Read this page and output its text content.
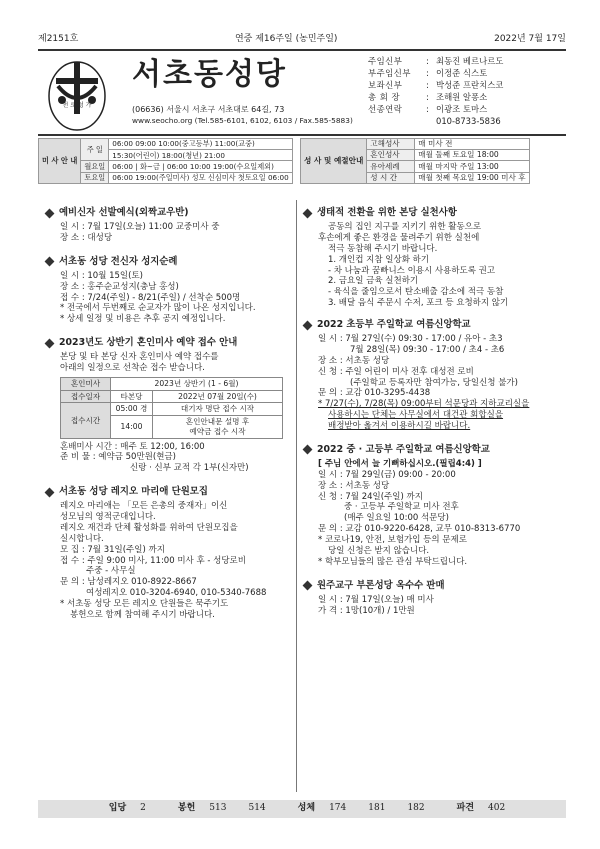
제2151호	연중 제16주일 (농민주일)	2022년 7월 17일
천 로 성 가
서초동성당
(06636) 서울시 서초구 서초대로 64길, 73
www.seocho.org (Tel.585-6101, 6102, 6103 / Fax.585-5883)
주임신부	: 최동진 베르나르도
부주임신부	: 이정준 식스토
보좌신부	: 박성준 프란치스코
총 회 장	: 조해원 알퐁소
선종연락	: 이광조 토마스
010-8733-5836
미 사 안 내	주 일	06:00 09:00 10:00(중고등부) 11:00(교중)
		15:30(어린이) 18:00(청년) 21:00
	월요일	06:00 | 화~금 | 06:00 10:00 19:00(수요일제외)
	토요일	06:00 19:00(주일미사) 성모 신심미사 첫토요일 06:00
성 사 및 예절안내	고해성사	매 미사 전
	혼인성사	매월 둘째 토요일 18:00
	유아세례	매월 마지막 주일 13:00
	성 시 간	매월 첫째 목요일 19:00 미사 후
예비신자 선발예식(외짝교우반)

일 시 : 7월 17일(오늘) 11:00 교중미사 중

장 소 : 대성당

서초동 성당 전신자 성지순례

일 시 : 10월 15일(토)

장 소 : 홍주순교성지(충남 홍성)

접 수 : 7/24(주일) - 8/21(주일) / 선착순 500명

* 전국에서 두번째로 순교자가 많이 나온 성지입니다.

* 상세 일정 및 비용은 추후 공지 예정입니다.

2023년도 상반기 혼인미사 예약 접수 안내

본당 및 타 본당 신자 혼인미사 예약 접수를

아래의 일정으로 선착순 접수 받습니다.

혼인미사	2023년 상반기 (1 - 6월)	
접수일자	타본당	2022년 07월 20일(수)
접수시간	05:00 경	대기자 명단 접수 시작
	14:00	혼인안내문 설명 후
예약금 접수 시작

혼배미사 시간 : 매주 토 12:00, 16:00

준 비 물 : 예약금 50만원(현금)

신랑 · 신부 교적 각 1부(신자만)

서초동 성당 레지오 마리애 단원모집

레지오 마리애는 「모든 은총의 중재자」이신

성모님의 영적군대입니다.

레지오 재건과 단체 활성화를 위하여 단원모집을

실시합니다.

모 집 : 7월 31일(주일) 까지

접 수 : 주일 9:00 미사, 11:00 미사 후 - 성당로비

주중 - 사무실

문 의 : 남성레지오 010-8922-8667

여성레지오 010-3204-6940, 010-5340-7688

* 서초동 성당 모든 레지오 단원들은 묵주기도

봉헌으로 함께 참여해 주시기 바랍니다.

생태적 전환을 위한 본당 실천사항

공동의 집인 지구를 지키기 위한 활동으로

후손에게 좋은 환경을 물려주기 위한 실천에

적극 동참해 주시기 바랍니다.

1. 개인컵 지참 일상화 하기

- 차 나눔과 꿈빠니스 이용시 사용하도록 권고

2. 금요일 금육 실천하기

- 육식을 줄임으로서 탄소배출 감소에 적극 동참

3. 배달 음식 주문시 수저, 포크 등 요청하지 않기

2022 초등부 주일학교 여름신앙학교

일 시 : 7월 27일(수) 09:30 - 17:00 / 유아 - 초3

7월 28일(목) 09:30 - 17:00 / 초4 - 초6

장 소 : 서초동 성당

신 청 : 주일 어린이 미사 전후 대성전 로비

(주일학교 등록자만 참여가능, 당일신청 불가)

문 의 : 교감 010-3295-4438

* 7/27(수), 7/28(목) 09:00부터 석문당과 지하교리실을

사용하시는 단체는 사무실에서 대건관 회합실을

배정받아 옮겨서 이용하시길 바랍니다.

2022 중 · 고등부 주일학교 여름신앙학교

[ 주님 안에서 늘 기뻐하십시오.(필립4:4) ]

일 시 : 7월 29일(금) 09:00 - 20:00

장 소 : 서초동 성당

신 청 : 7월 24일(주일) 까지

중 · 고등부 주일학교 미사 전후

(매주 일요일 10:00 석문당)

문 의 : 교감 010-9220-6428, 교무 010-8313-6770

* 코로나19, 안전, 보험가입 등의 문제로

당일 신청은 받지 않습니다.

* 학부모님들의 많은 관심 부탁드립니다.

원주교구 부론성당 옥수수 판매

일 시 : 7월 17일(오늘) 매 미사

가 격 : 1망(10개) / 1만원

입당 2	봉헌 513 514	성체 174 181 182	파견 402
